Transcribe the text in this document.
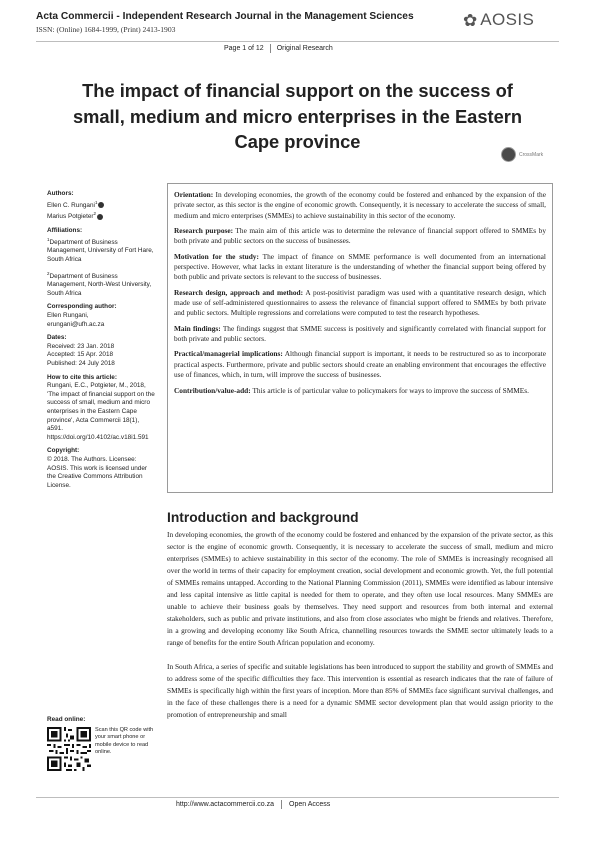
Acta Commercii - Independent Research Journal in the Management Sciences
ISSN: (Online) 1684-1999, (Print) 2413-1903	✿ AOSIS
Page 1 of 12 Original Research
The impact of financial support on the success of small, medium and micro enterprises in the Eastern Cape province
CrossMark

Authors:

Ellen C. Rungani$^1$

Marius Potgieter$^2$

Affiliations:

$^1$Department of Business Management, University of Fort Hare, South Africa

$^2$Department of Business Management, North-West University, South Africa

Corresponding author:

Ellen Rungani,

erungani@ufh.ac.za

Dates:

Received: 23 Jan. 2018

Accepted: 15 Apr. 2018

Published: 24 July 2018

How to cite this article:

Rungani, E.C., Potgieter, M., 2018, 'The impact of financial support on the success of small, medium and micro enterprises in the Eastern Cape province', Acta Commercii 18(1), a591. https://doi.org/10.4102/ac.v18i1.591

Copyright:

© 2018. The Authors. Licensee: AOSIS. This work is licensed under the Creative Commons Attribution License.

Read online:
Scan this QR code with your smart phone or mobile device to read online.

Orientation: In developing economies, the growth of the economy could be fostered and enhanced by the expansion of the private sector, as this sector is the engine of economic growth. Consequently, it is necessary to accelerate the success of small, medium and micro enterprises (SMMEs) to achieve sustainability in this sector of the economy.

Research purpose: The main aim of this article was to determine the relevance of financial support offered to SMMEs by both private and public sectors on the success of businesses.

Motivation for the study: The impact of finance on SMME performance is well documented from an international perspective. However, what lacks in extant literature is the understanding of whether the financial support being offered by both public and private sectors is relevant to the success of businesses.

Research design, approach and method: A post-positivist paradigm was used with a quantitative research design, which made use of self-administered questionnaires to assess the relevance of financial support offered to SMMEs by both private and public sectors. Multiple regressions and correlations were computed to test the research hypotheses.

Main findings: The findings suggest that SMME success is positively and significantly correlated with financial support for both private and public sectors.

Practical/managerial implications: Although financial support is important, it needs to be restructured so as to incorporate practical aspects. Furthermore, private and public sectors should create an enabling environment that encourages the effective use of finances, which, in turn, will improve the success of businesses.

Contribution/value-add: This article is of particular value to policymakers for ways to improve the success of SMMEs.

Introduction and background

In developing economies, the growth of the economy could be fostered and enhanced by the expansion of the private sector, as this sector is the engine of economic growth. Consequently, it is necessary to accelerate the success of small, medium and micro enterprises (SMMEs) to achieve sustainability in this sector of the economy. The role of SMMEs is increasingly recognised all over the world in terms of their capacity for employment creation, social development and economic growth. Yet, the full potential of SMMEs remains untapped. According to the National Planning Commission (2011), SMMEs were identified as labour intensive and less capital intensive as little capital is needed for them to operate, and they often use local resources. Many SMMEs are unable to achieve their business goals by themselves. They need support and resources from both internal and external stakeholders, such as public and private institutions, and also from close associates who might be friends and relatives. Therefore, in a growing and developing economy like South Africa, channelling resources towards the SMME sector ultimately leads to a range of benefits for the entire South African population and economy.

In South Africa, a series of specific and suitable legislations has been introduced to support the stability and growth of SMMEs and to address some of the specific difficulties they face. This intervention is essential as research indicates that the rate of failure of SMMEs is specifically high within the first years of inception. More than 85% of SMMEs face significant survival challenges, and in the face of these challenges there is a need for a dynamic SMME sector development plan that would assign priority to the promotion of entrepreneurship and small

http://www.actacommercii.co.za Open Access
